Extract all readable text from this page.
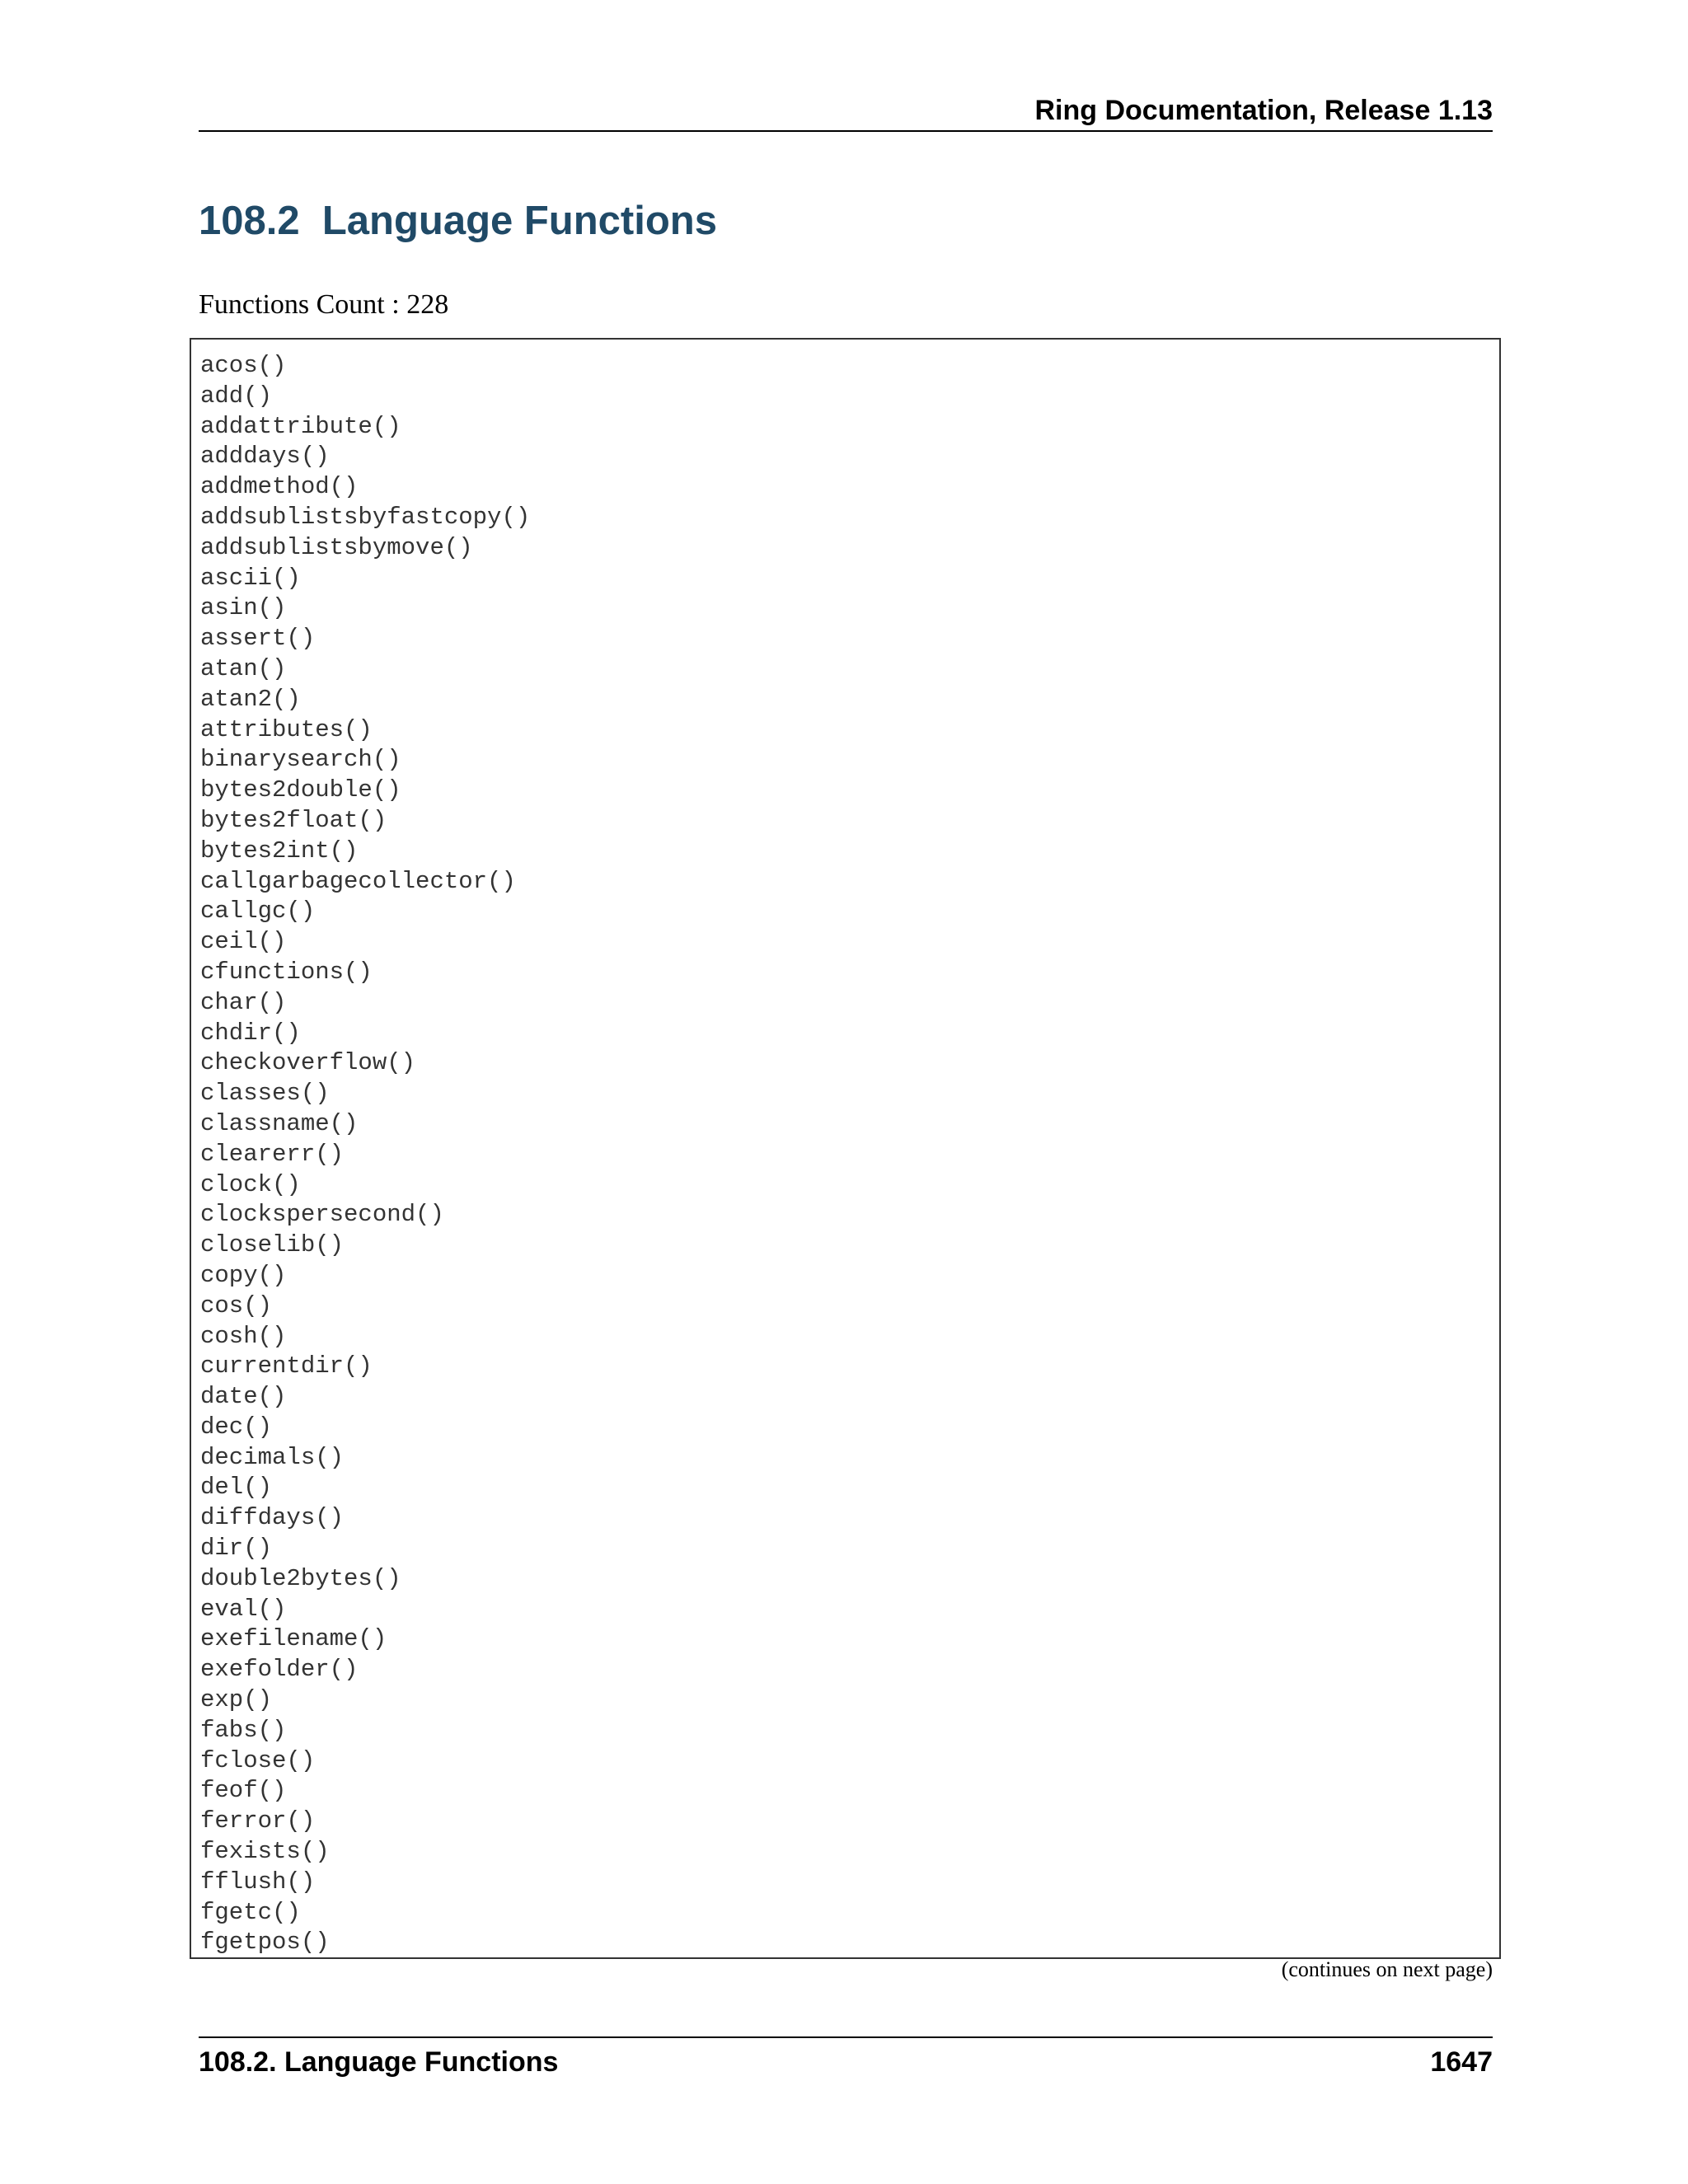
Ring Documentation, Release 1.13
108.2  Language Functions
Functions Count : 228
acos()
add()
addattribute()
adddays()
addmethod()
addsublistsbyfastcopy()
addsublistsbymove()
ascii()
asin()
assert()
atan()
atan2()
attributes()
binarysearch()
bytes2double()
bytes2float()
bytes2int()
callgarbagecollector()
callgc()
ceil()
cfunctions()
char()
chdir()
checkoverflow()
classes()
classname()
clearerr()
clock()
clockspersecond()
closelib()
copy()
cos()
cosh()
currentdir()
date()
dec()
decimals()
del()
diffdays()
dir()
double2bytes()
eval()
exefilename()
exefolder()
exp()
fabs()
fclose()
feof()
ferror()
fexists()
fflush()
fgetc()
fgetpos()
(continues on next page)
108.2. Language Functions	1647
